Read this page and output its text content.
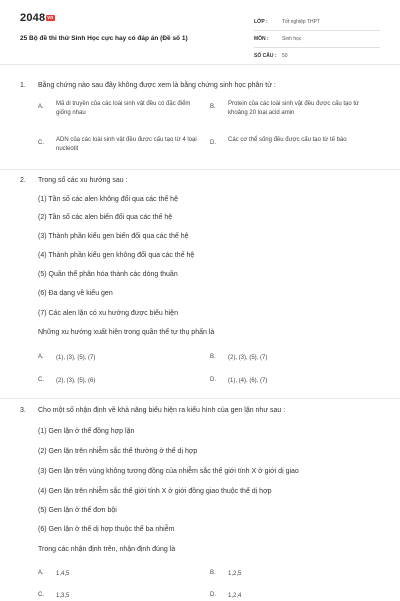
2048 $^{vn}$
25 Bộ đề thi thử Sinh Học cực hay có đáp án (Đề số 1)
LỚP :	Tốt nghiệp THPT
MÔN :	Sinh học
SỐ CÂU :	50
1. Bằng chứng nào sau đây không được xem là bằng chứng sinh học phân tử :
A. Mã di truyền của các loài sinh vật đều có đặc điểm giống nhau
B. Protein của các loài sinh vật đều được cấu tạo từ khoảng 20 loại acid amin
C. ADN của các loài sinh vật đều được cấu tạo từ 4 loại nucleotit
D. Các cơ thể sống đều được cấu tạo từ tế bào
2. Trong số các xu hướng sau :
(1) Tần số các alen không đổi qua các thế hệ
(2) Tần số các alen biến đổi qua các thế hệ
(3) Thành phần kiểu gen biến đổi qua các thế hệ
(4) Thành phần kiểu gen không đổi qua các thế hệ
(5) Quần thể phân hóa thành các dòng thuần
(6) Đa dạng về kiểu gen
(7) Các alen lặn có xu hướng được biểu hiện
Những xu hướng xuất hiện trong quần thể tự thụ phấn là
A. (1), (3), (5), (7)	B. (2), (3), (5), (7)
C. (2), (3), (5), (6)	D. (1), (4), (6), (7)
3. Cho một số nhận định về khả năng biểu hiện ra kiểu hình của gen lặn như sau :
(1) Gen lặn ở thể đồng hợp lặn
(2) Gen lặn trên nhiễm sắc thể thường ở thể dị hợp
(3) Gen lặn trên vùng không tương đồng của nhiễm sắc thể giới tính X ở giới dị giao
(4) Gen lặn trên nhiễm sắc thể giới tính X ở giới đồng giao thuộc thể dị hợp
(5) Gen lặn ở thể đơn bội
(6) Gen lặn ở thể dị hợp thuộc thể ba nhiễm
Trong các nhận định trên, nhận định đúng là
A. 1,4,5	B. 1,2,5
C. 1,3,5	D. 1,2,4
